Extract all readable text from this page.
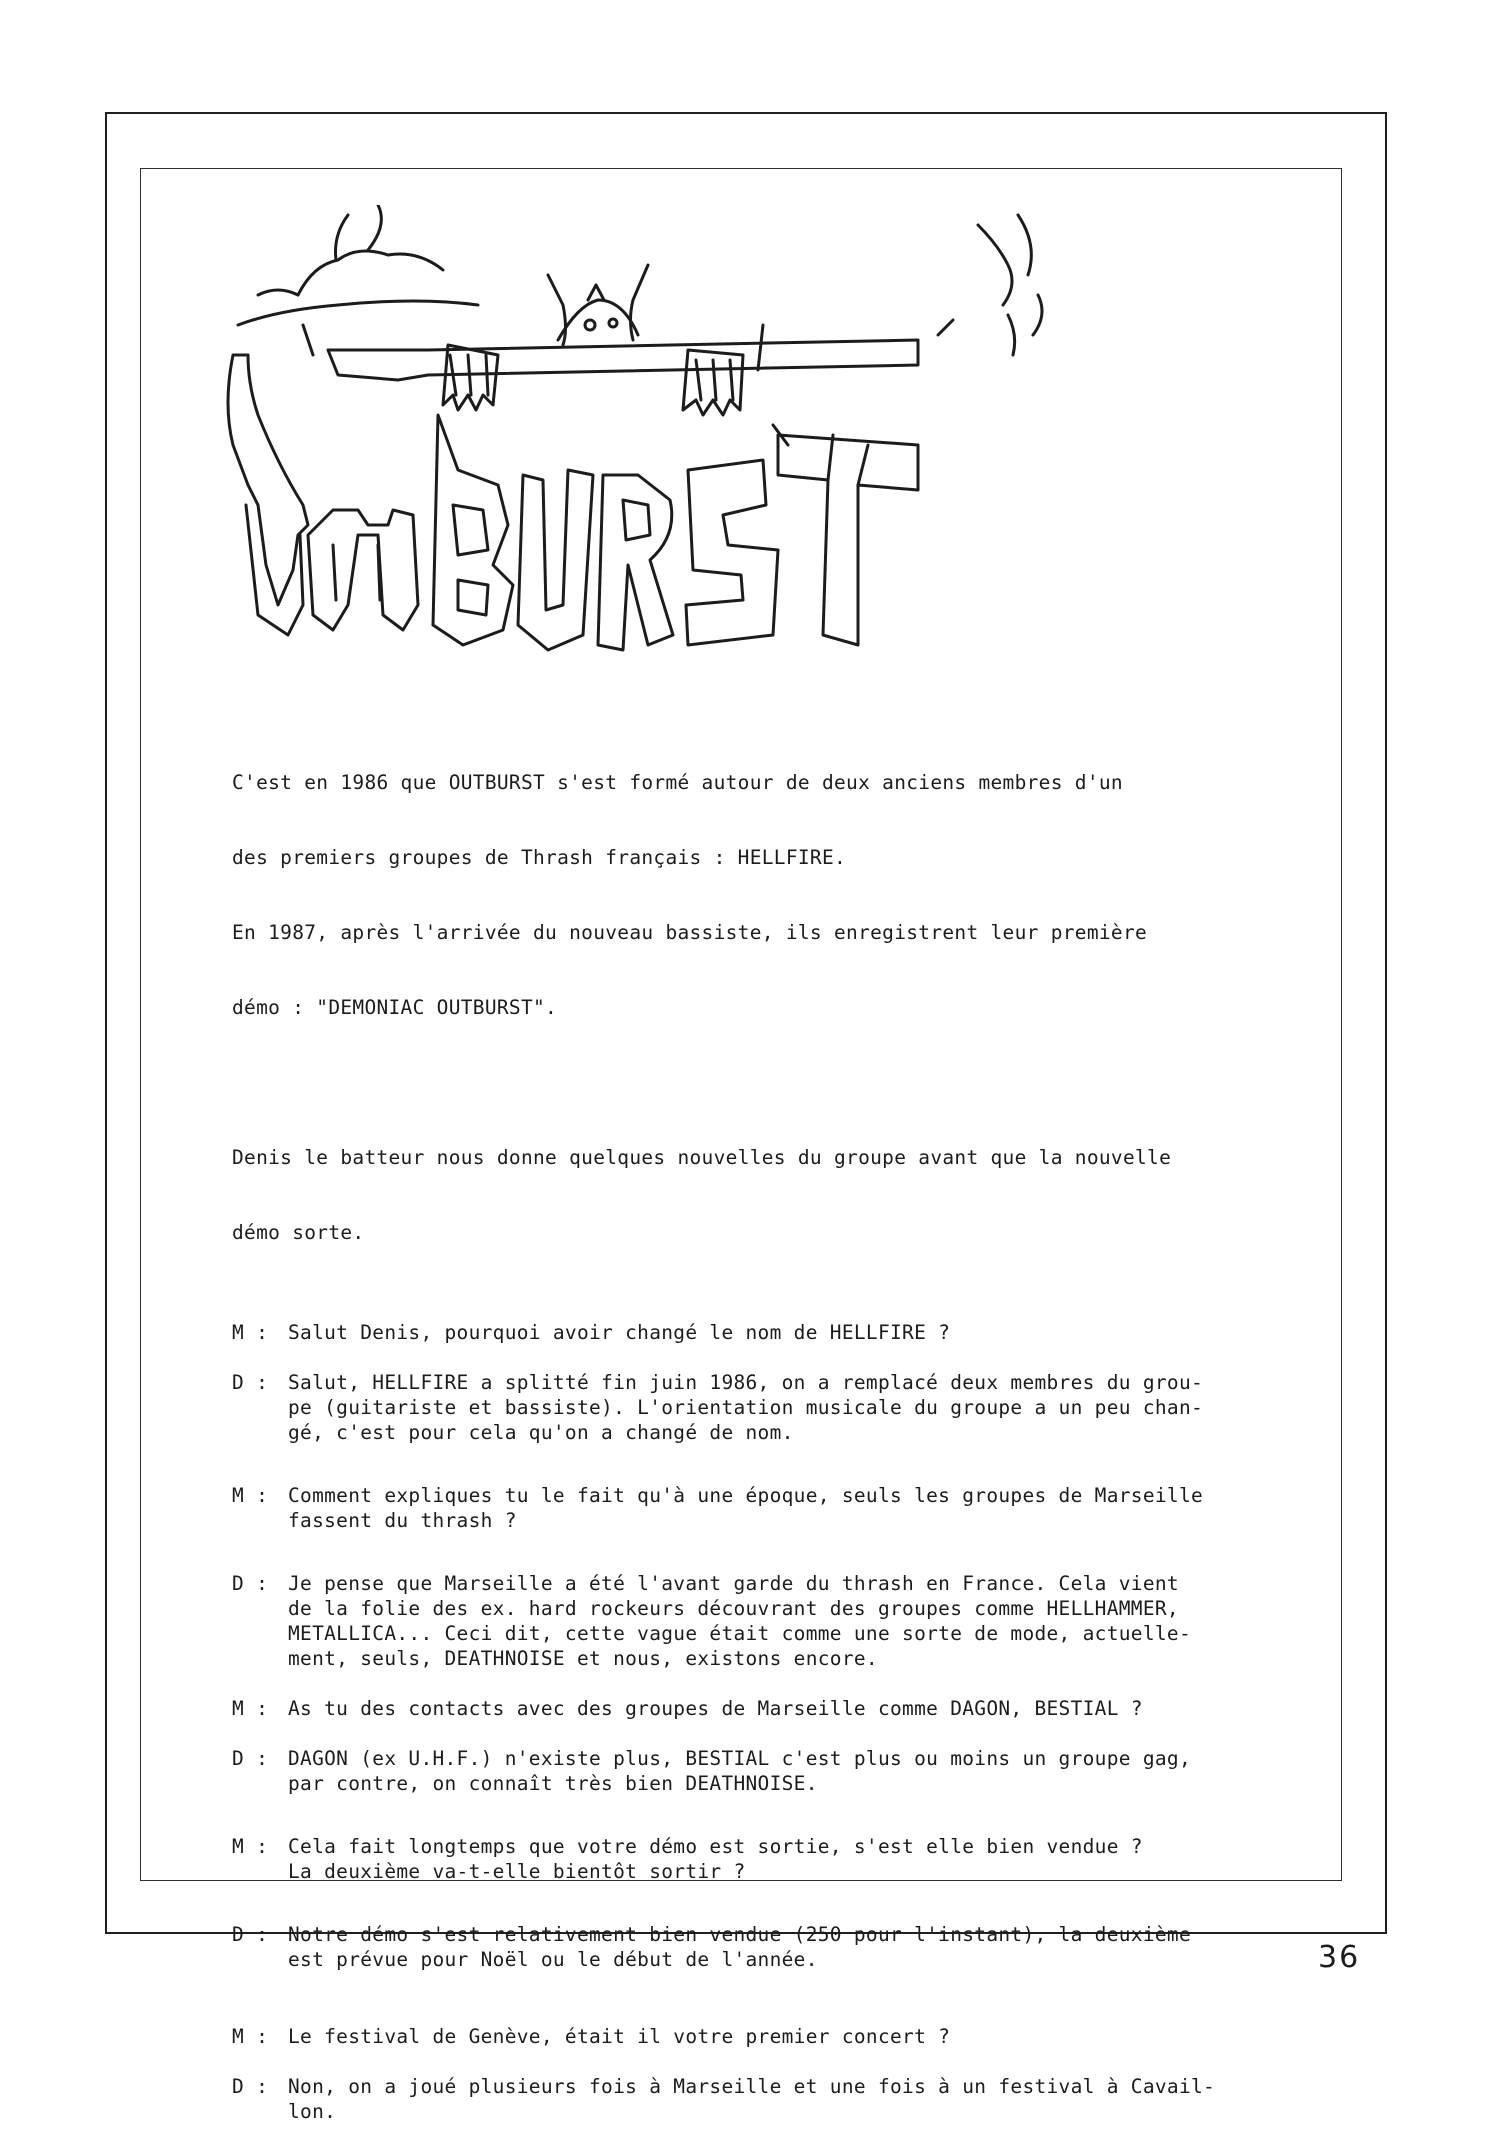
C'est en 1986 que OUTBURST s'est formé autour de deux anciens membres d'un

des premiers groupes de Thrash français : HELLFIRE.

En 1987, après l'arrivée du nouveau bassiste, ils enregistrent leur première

démo : "DEMONIAC OUTBURST".

Denis le batteur nous donne quelques nouvelles du groupe avant que la nouvelle

démo sorte.

M :	Salut Denis, pourquoi avoir changé le nom de HELLFIRE ?
D :	Salut, HELLFIRE a splitté fin juin 1986, on a remplacé deux membres du grou-
pe (guitariste et bassiste). L'orientation musicale du groupe a un peu chan-
gé, c'est pour cela qu'on a changé de nom.
M :	Comment expliques tu le fait qu'à une époque, seuls les groupes de Marseille
fassent du thrash ?
D :	Je pense que Marseille a été l'avant garde du thrash en France. Cela vient
de la folie des ex. hard rockeurs découvrant des groupes comme HELLHAMMER,
METALLICA... Ceci dit, cette vague était comme une sorte de mode, actuelle-
ment, seuls, DEATHNOISE et nous, existons encore.
M :	As tu des contacts avec des groupes de Marseille comme DAGON, BESTIAL ?
D :	DAGON (ex U.H.F.) n'existe plus, BESTIAL c'est plus ou moins un groupe gag,
par contre, on connaît très bien DEATHNOISE.
M :	Cela fait longtemps que votre démo est sortie, s'est elle bien vendue ?
La deuxième va-t-elle bientôt sortir ?
D :	Notre démo s'est relativement bien vendue (250 pour l'instant), la deuxième
est prévue pour Noël ou le début de l'année.
M :	Le festival de Genève, était il votre premier concert ?
D :	Non, on a joué plusieurs fois à Marseille et une fois à un festival à Cavail-
lon.
36
